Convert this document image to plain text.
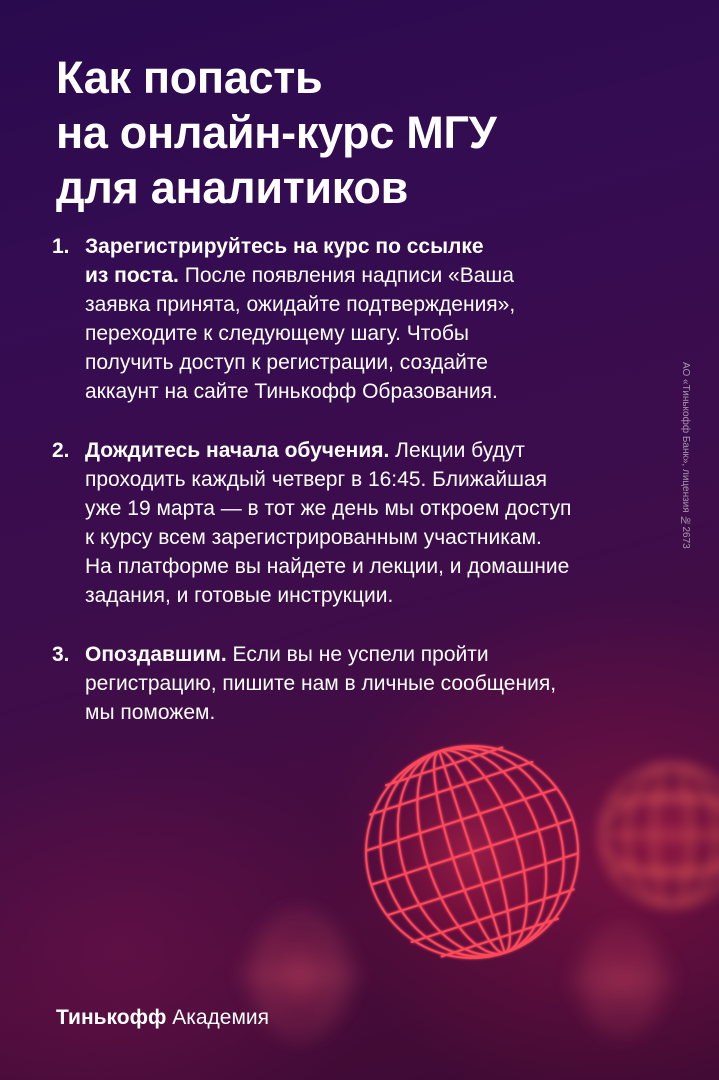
Как попасть
на онлайн-курс МГУ
для аналитиков
1. Зарегистрируйтесь на курс по ссылке
из поста. После появления надписи «Ваша
заявка принята, ожидайте подтверждения»,
переходите к следующему шагу. Чтобы
получить доступ к регистрации, создайте
аккаунт на сайте Тинькофф Образования.
2. Дождитесь начала обучения. Лекции будут
проходить каждый четверг в 16:45. Ближайшая
уже 19 марта — в тот же день мы откроем доступ
к курсу всем зарегистрированным участникам.
На платформе вы найдете и лекции, и домашние
задания, и готовые инструкции.
3. Опоздавшим. Если вы не успели пройти
регистрацию, пишите нам в личные сообщения,
мы поможем.
АО «Тинькофф Банк», лицензия №2673
Тинькофф Академия
